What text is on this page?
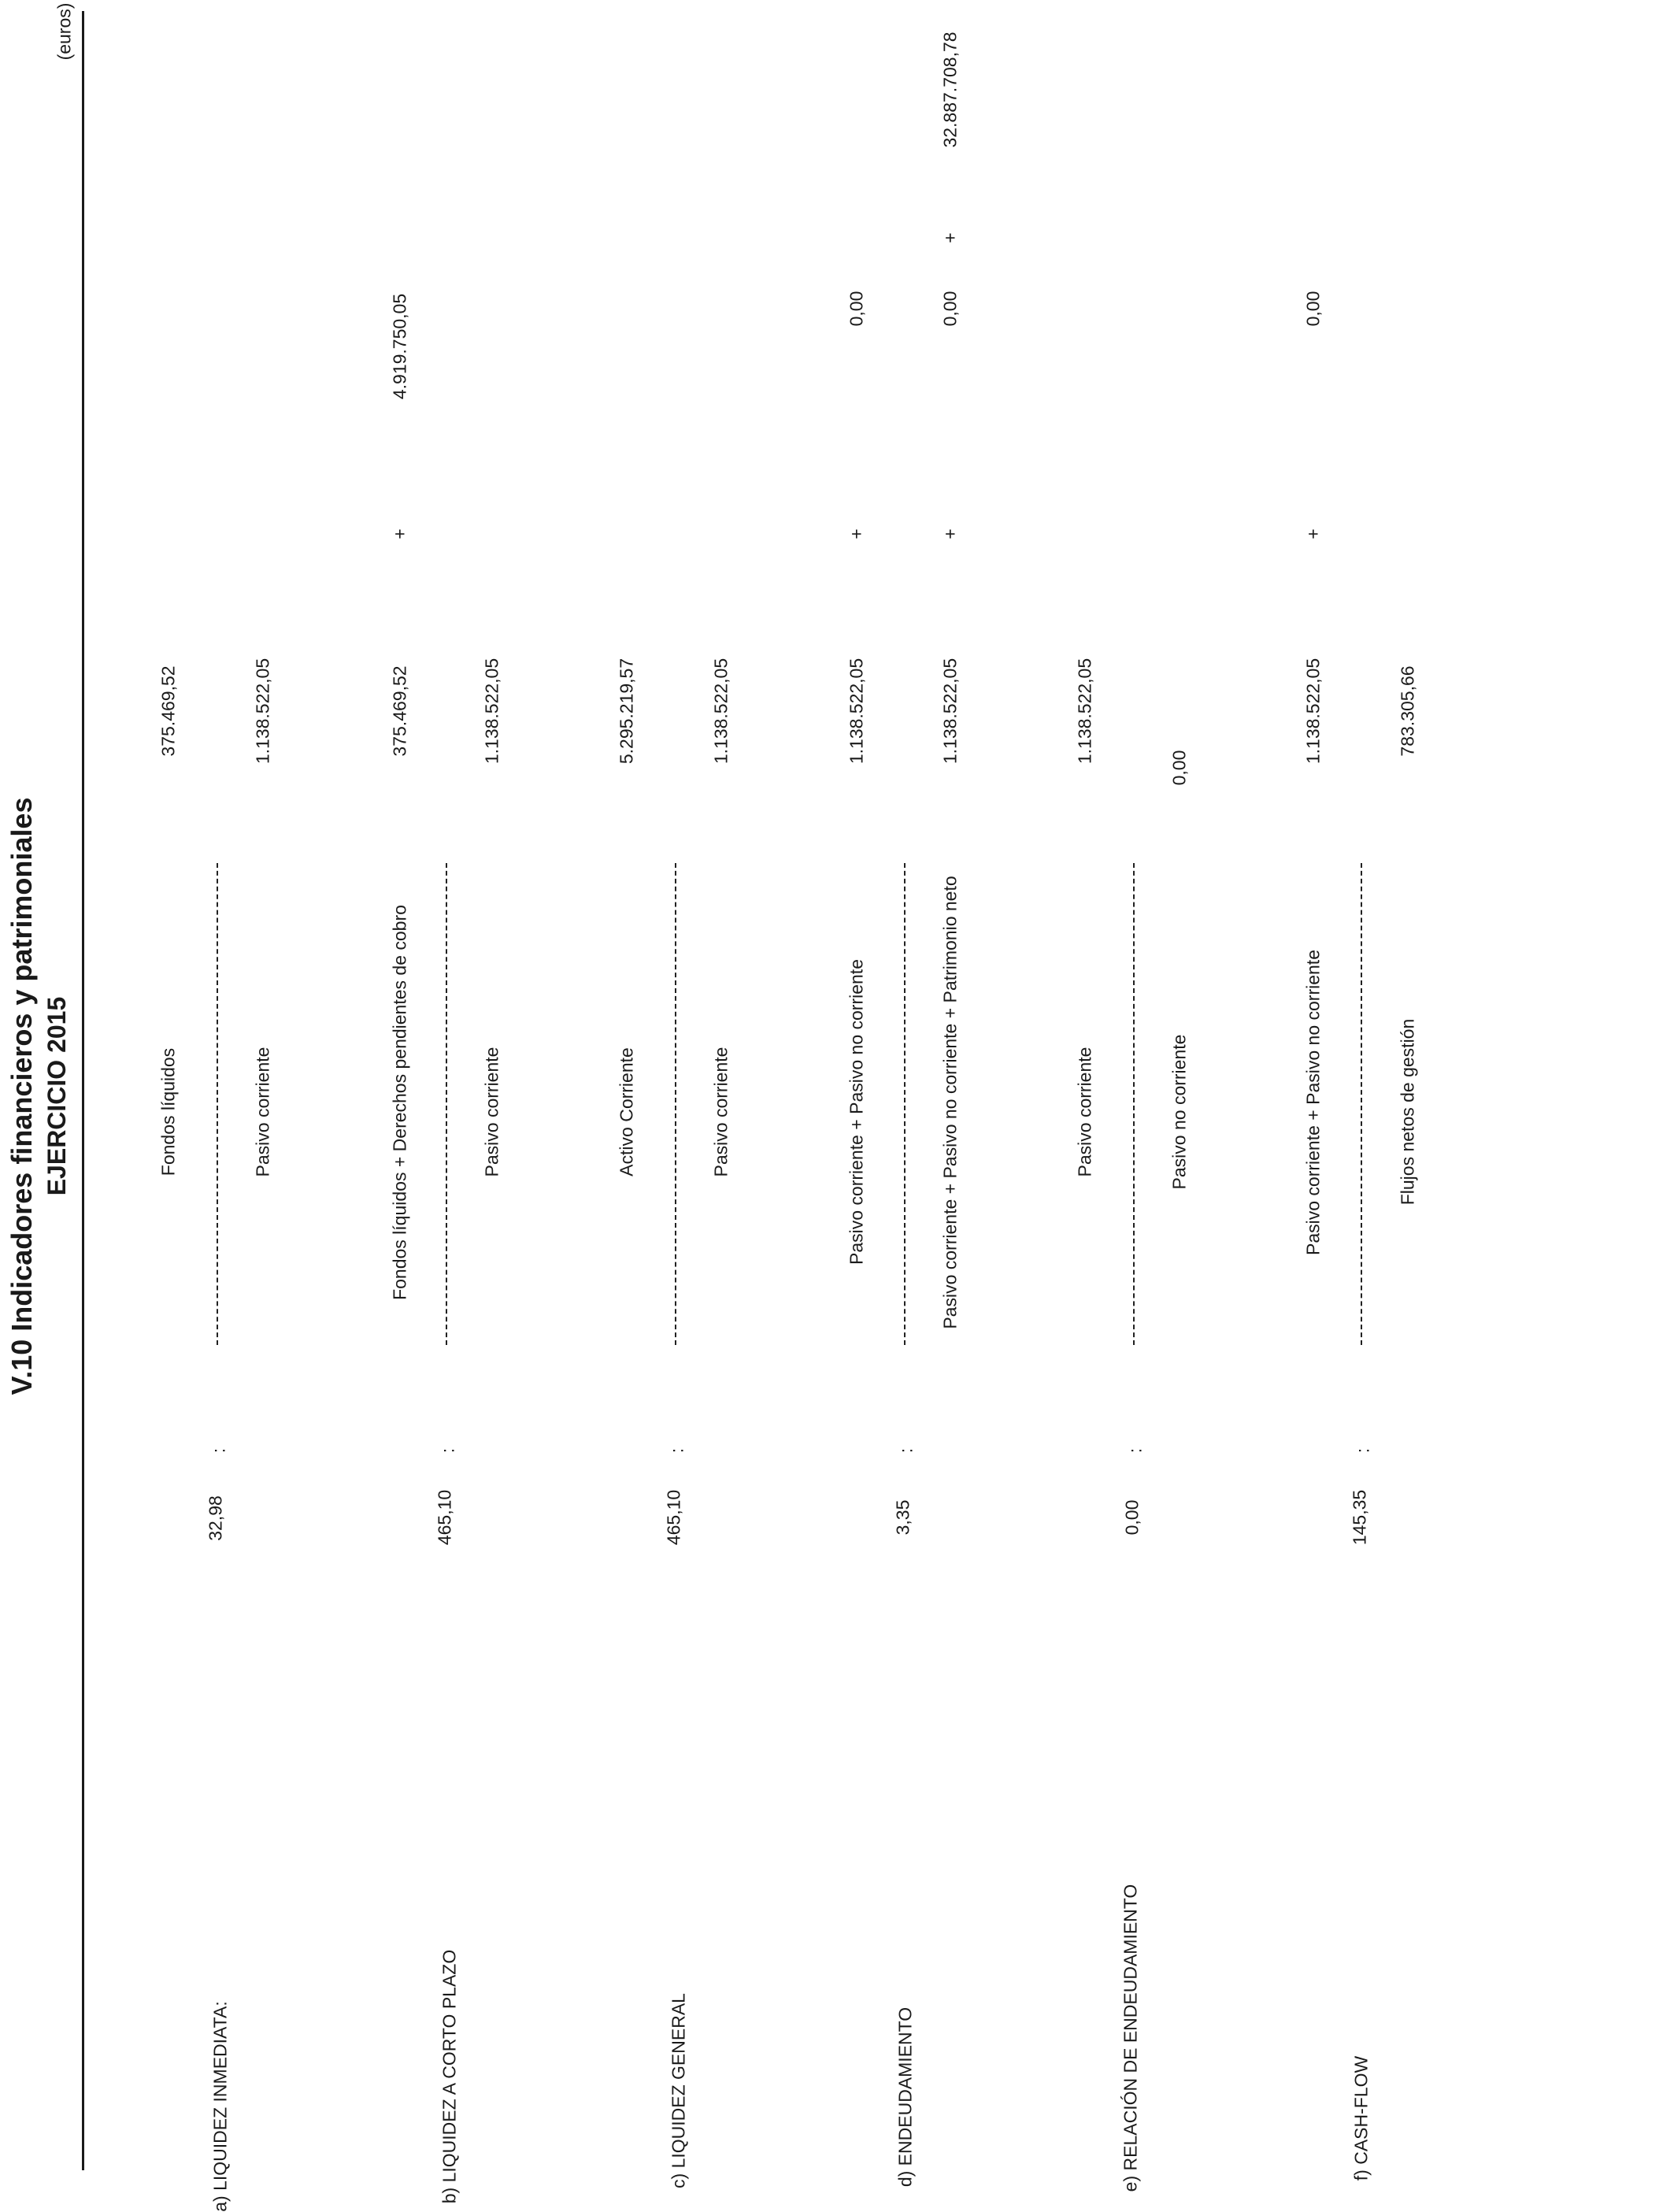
V.10 Indicadores financieros y patrimoniales EJERCICIO 2015
(euros)
a) LIQUIDEZ INMEDIATA:
32,98
:
Fondos líquidos
375.469,52
Pasivo corriente
1.138.522,05
b) LIQUIDEZ A CORTO PLAZO
465,10
:
Fondos líquidos + Derechos pendientes de cobro
375.469,52
+
4.919.750,05
Pasivo corriente
1.138.522,05
c) LIQUIDEZ GENERAL
465,10
:
Activo Corriente
5.295.219,57
Pasivo corriente
1.138.522,05
d) ENDEUDAMIENTO
3,35
:
Pasivo corriente + Pasivo no corriente
1.138.522,05
+
0,00
Pasivo corriente + Pasivo no corriente + Patrimonio neto
1.138.522,05
+
0,00
+
32.887.708,78
e) RELACIÓN DE ENDEUDAMIENTO
0,00
:
Pasivo corriente
1.138.522,05
Pasivo no corriente
0,00
f) CASH-FLOW
145,35
:
Pasivo corriente + Pasivo no corriente
1.138.522,05
+
0,00
Flujos netos de gestión
783.305,66
